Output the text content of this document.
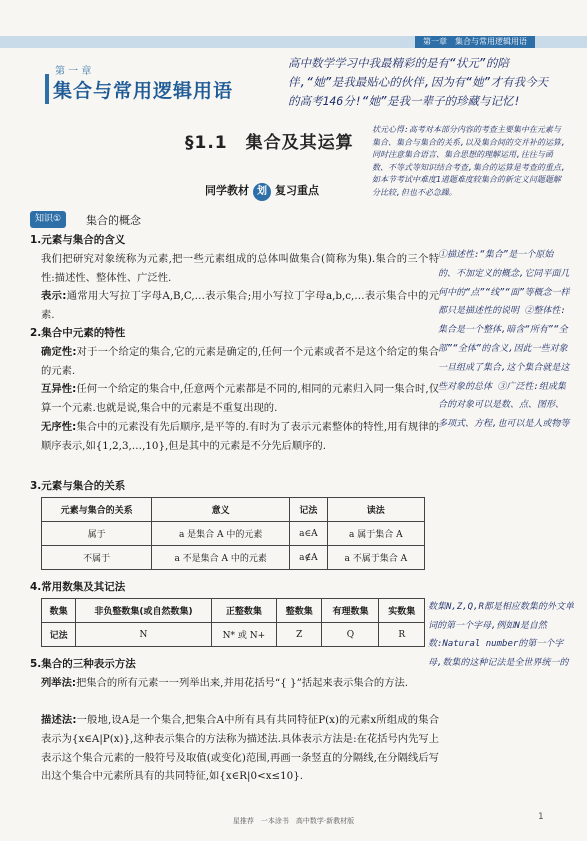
第一章　集合与常用逻辑用语
第 一 章
集合与常用逻辑用语
高中数学学习中我最精彩的是有“状元”的陪伴,“她”是我最贴心的伙伴,因为有“她”才有我今天的高考146分!“她”是我一辈子的珍藏与记忆!
§1.1　集合及其运算
状元心得:高考对本部分内容的考查主要集中在元素与集合、集合与集合的关系,以及集合间的交并补的运算,同时注意集合语言、集合思想的理解运用,往往与函数、不等式等知识结合考查,集合的运算是考查的重点,如本节考试中难度1道题难度较集合的新定义问题题解分比较,但也不必急躁。
同学教材 划 复习重点
知识①	集合的概念
1.元素与集合的含义
我们把研究对象统称为元素,把一些元素组成的总体叫做集合(简称为集).集合的三个特性:描述性、整体性、广泛性.
表示:通常用大写拉丁字母A,B,C,…表示集合;用小写拉丁字母a,b,c,…表示集合中的元素.
2.集合中元素的特性
确定性:对于一个给定的集合,它的元素是确定的,任何一个元素或者不是这个给定的集合的元素.
互异性:任何一个给定的集合中,任意两个元素都是不同的,相同的元素归入同一集合时,仅算一个元素.也就是说,集合中的元素是不重复出现的.
无序性:集合中的元素没有先后顺序,是平等的.有时为了表示元素整体的特性,用有规律的顺序表示,如{1,2,3,…,10},但是其中的元素是不分先后顺序的.
①描述性:“集合”是一个原始的、不加定义的概念,它同平面几何中的“点”“线”“面”等概念一样都只是描述性的说明 ②整体性:集合是一个整体,暗含“所有”“全部”“全体”的含义,因此一些对象一旦组成了集合,这个集合就是这些对象的总体 ③广泛性:组成集合的对象可以是数、点、图形、多项式、方程,也可以是人或物等
3.元素与集合的关系
元素与集合的关系	意义	记法	读法
属于	a 是集合 A 中的元素	a∈A	a 属于集合 A
不属于	a 不是集合 A 中的元素	a∉A	a 不属于集合 A
4.常用数集及其记法
数集	非负整数集(或自然数集)	正整数集	整数集	有理数集	实数集
记法	N	N* 或 N+	Z	Q	R
数集N,Z,Q,R都是相应数集的外文单词的第一个字母,例如N是自然数:Natural number的第一个字母,数集的这种记法是全世界统一的
5.集合的三种表示方法
列举法:把集合的所有元素一一列举出来,并用花括号“{ }”括起来表示集合的方法.
描述法:一般地,设A是一个集合,把集合A中所有具有共同特征P(x)的元素x所组成的集合表示为{x∈A|P(x)},这种表示集合的方法称为描述法.具体表示方法是:在花括号内先写上表示这个集合元素的一般符号及取值(或变化)范围,再画一条竖直的分隔线,在分隔线后写出这个集合中元素所具有的共同特征,如{x∈R|0<x≤10}.
星推荐　一本涂书　高中数学·新教材版	1
